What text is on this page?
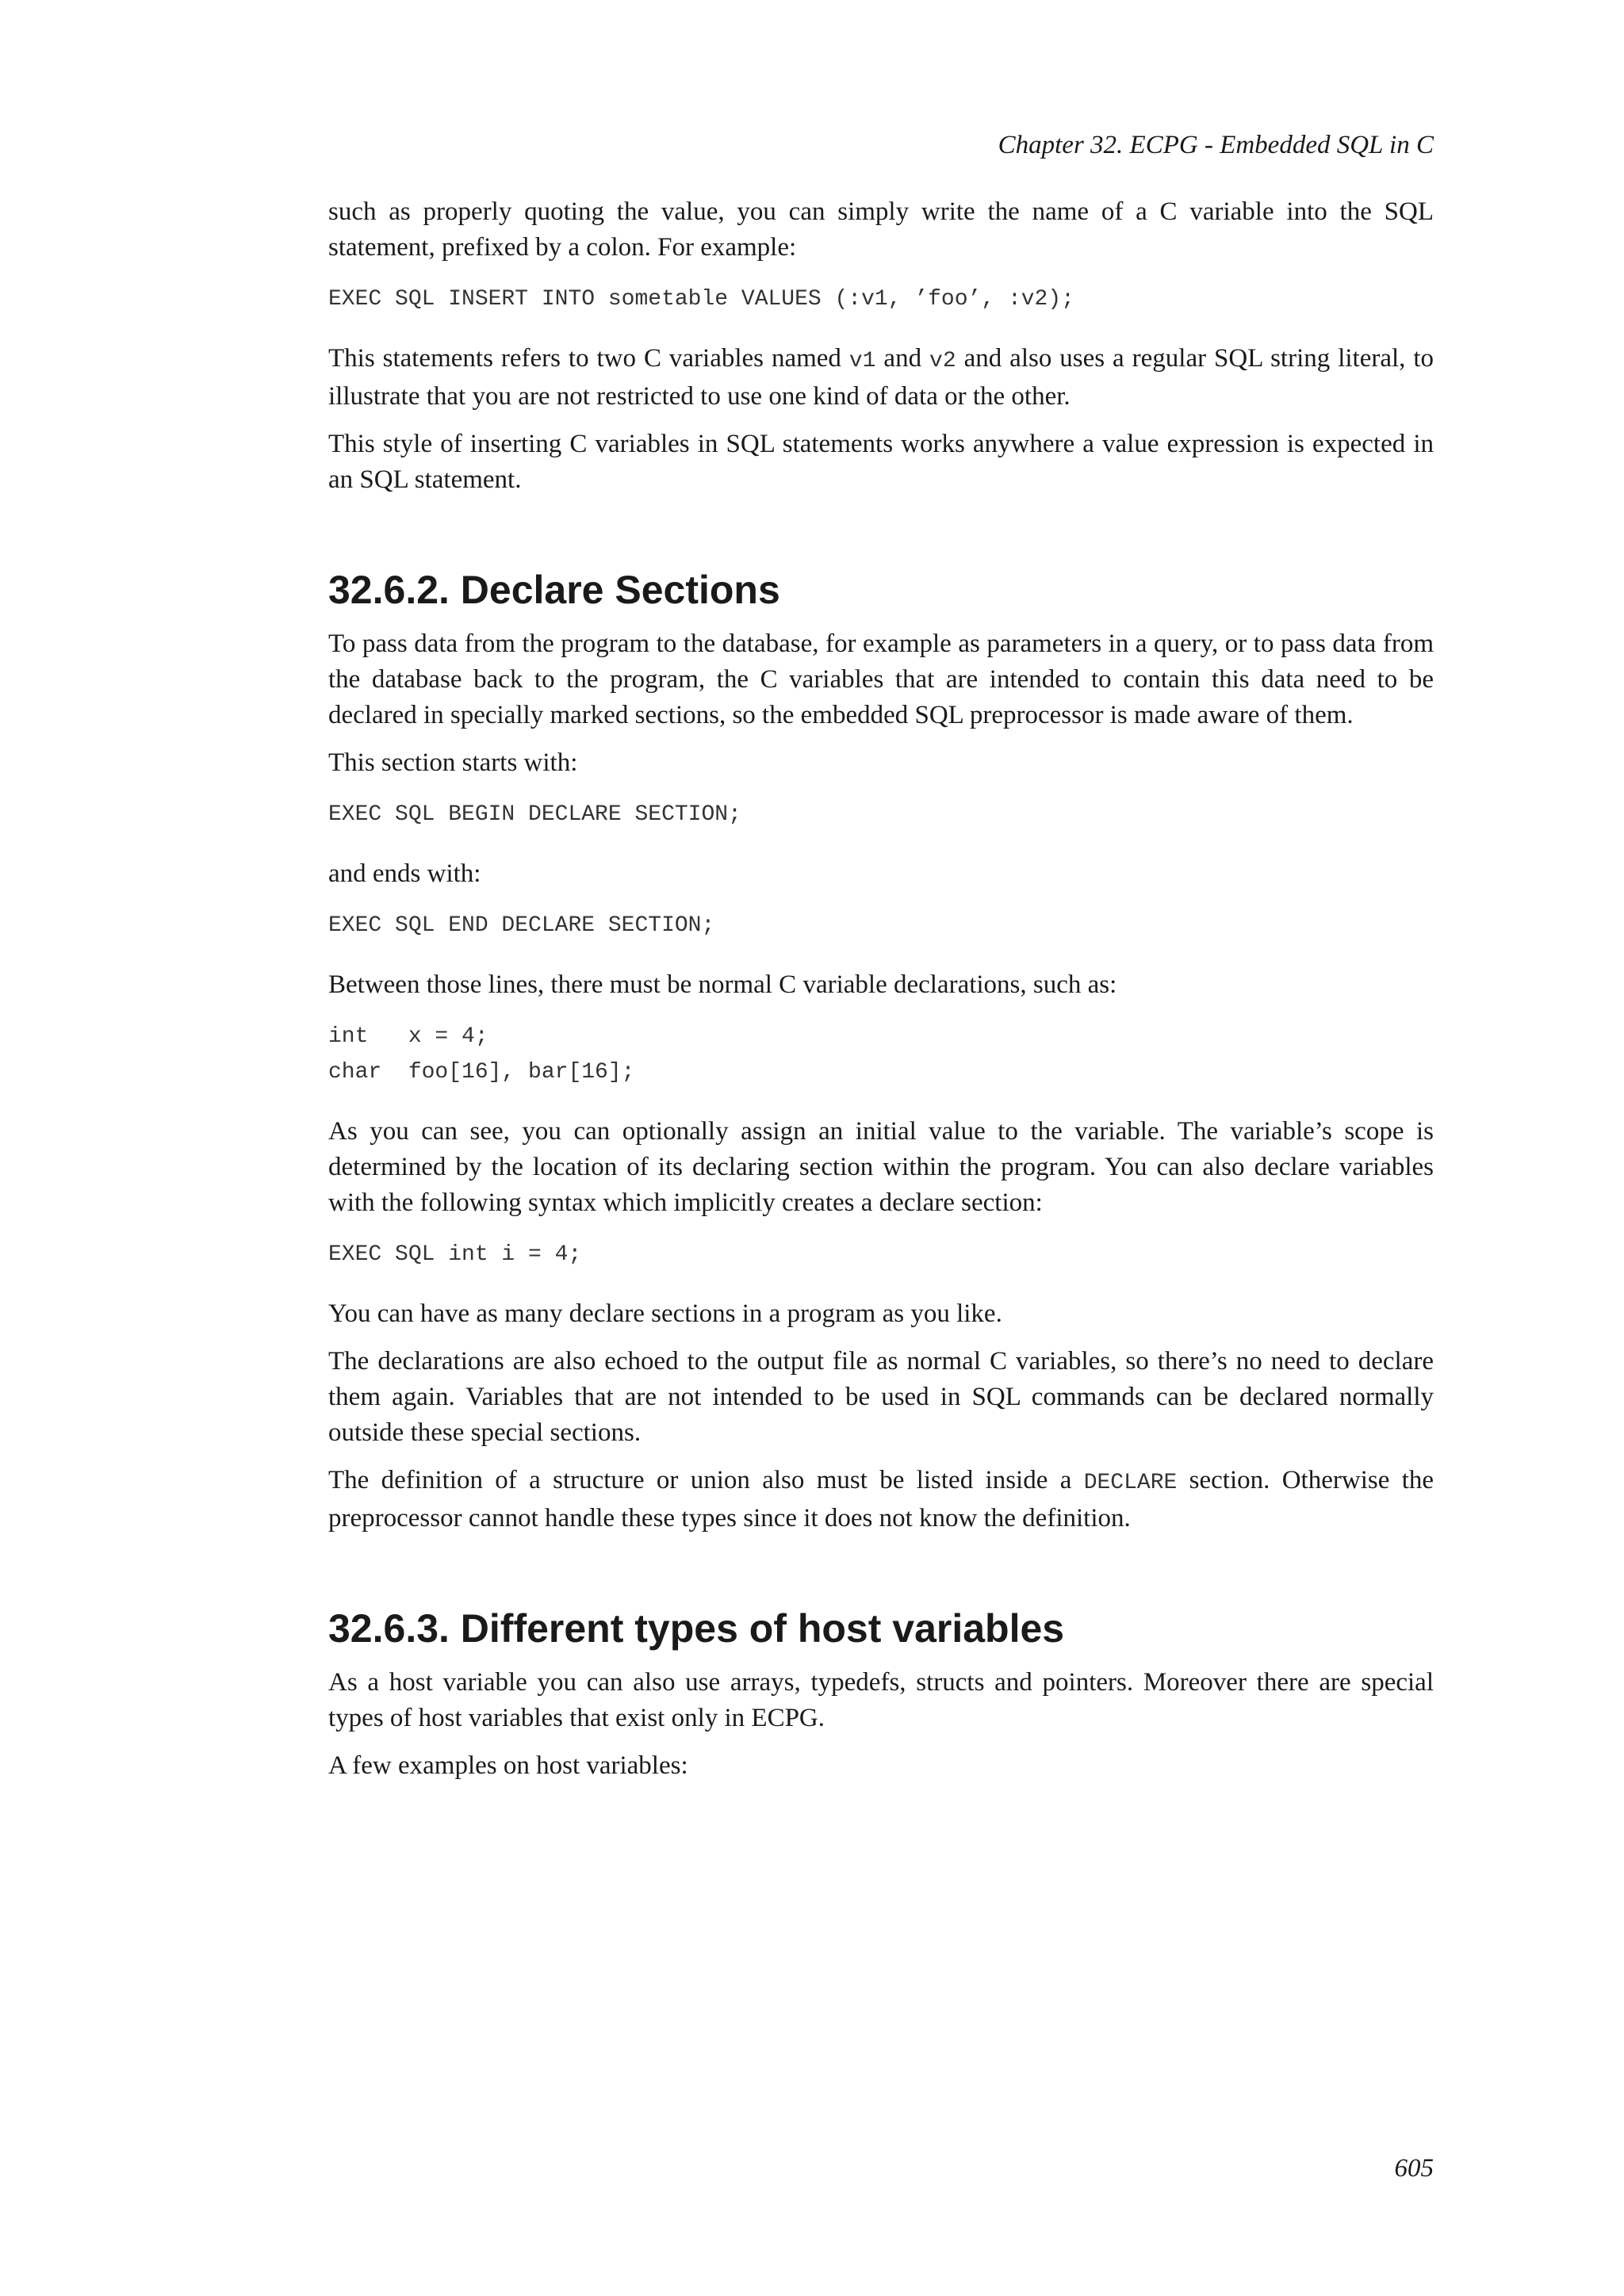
Chapter 32. ECPG - Embedded SQL in C

such as properly quoting the value, you can simply write the name of a C variable into the SQL statement, prefixed by a colon. For example:

EXEC SQL INSERT INTO sometable VALUES (:v1, ’foo’, :v2);

This statements refers to two C variables named v1 and v2 and also uses a regular SQL string literal, to illustrate that you are not restricted to use one kind of data or the other.

This style of inserting C variables in SQL statements works anywhere a value expression is expected in an SQL statement.

32.6.2. Declare Sections

To pass data from the program to the database, for example as parameters in a query, or to pass data from the database back to the program, the C variables that are intended to contain this data need to be declared in specially marked sections, so the embedded SQL preprocessor is made aware of them.

This section starts with:

EXEC SQL BEGIN DECLARE SECTION;

and ends with:

EXEC SQL END DECLARE SECTION;

Between those lines, there must be normal C variable declarations, such as:

int   x = 4;
char  foo[16], bar[16];

As you can see, you can optionally assign an initial value to the variable. The variable’s scope is determined by the location of its declaring section within the program. You can also declare variables with the following syntax which implicitly creates a declare section:

EXEC SQL int i = 4;

You can have as many declare sections in a program as you like.

The declarations are also echoed to the output file as normal C variables, so there’s no need to declare them again. Variables that are not intended to be used in SQL commands can be declared normally outside these special sections.

The definition of a structure or union also must be listed inside a DECLARE section. Otherwise the preprocessor cannot handle these types since it does not know the definition.

32.6.3. Different types of host variables

As a host variable you can also use arrays, typedefs, structs and pointers. Moreover there are special types of host variables that exist only in ECPG.

A few examples on host variables:

605
